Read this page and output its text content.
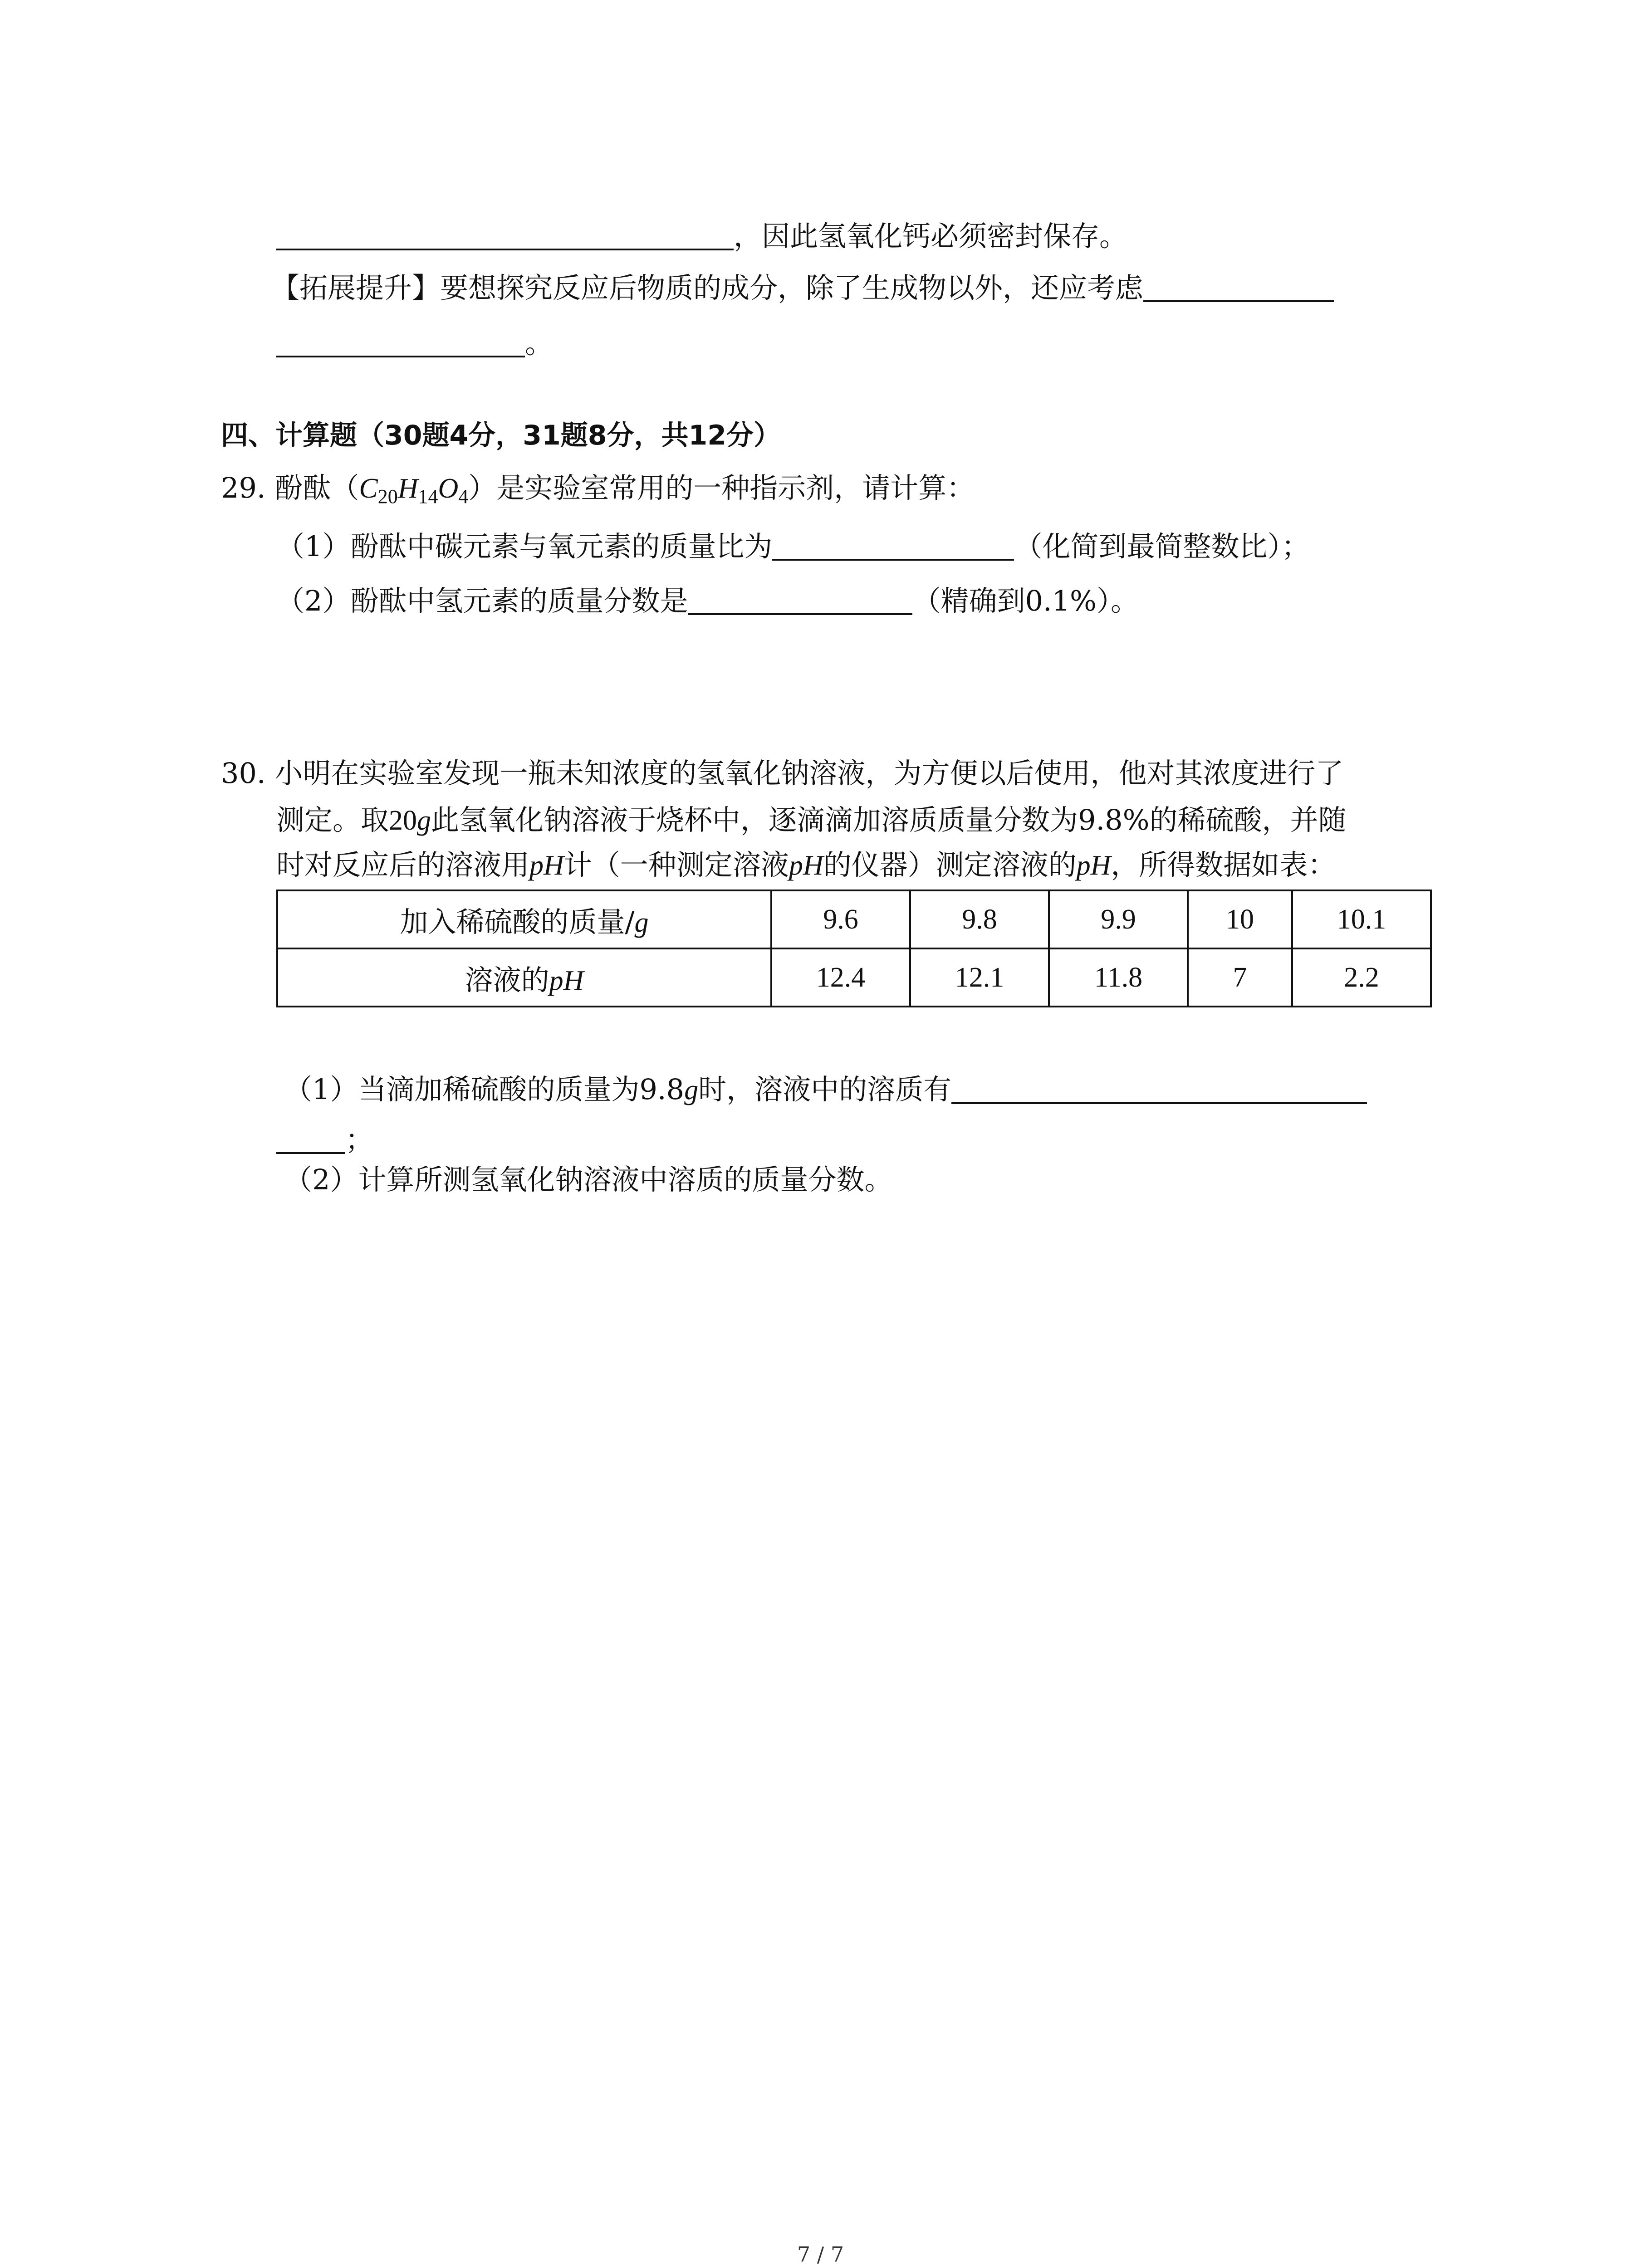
，因此氢氧化钙必须密封保存。
【拓展提升】要想探究反应后物质的成分，除了生成物以外，还应考虑
。
四、计算题（30题4分，31题8分，共12分）
29. 酚酞$(C_{20}H_{14}O_4)$是实验室常用的一种指示剂，请计算：
（1）酚酞中碳元素与氧元素的质量比为	（化简到最简整数比）；
（2）酚酞中氢元素的质量分数是	（精确到0.1%）。
30. 小明在实验室发现一瓶未知浓度的氢氧化钠溶液，为方便以后使用，他对其浓度进行了
测定。取20g此氢氧化钠溶液于烧杯中，逐滴滴加溶质质量分数为9.8%的稀硫酸，并随
时对反应后的溶液用pH计（一种测定溶液pH的仪器）测定溶液的pH，所得数据如表：
加入稀硫酸的质量/g	9.6	9.8	9.9	10	10.1
溶液的pH	12.4	12.1	11.8	7	2.2
（1）当滴加稀硫酸的质量为9.8g时，溶液中的溶质有
；
（2）计算所测氢氧化钠溶液中溶质的质量分数。
7 / 7
